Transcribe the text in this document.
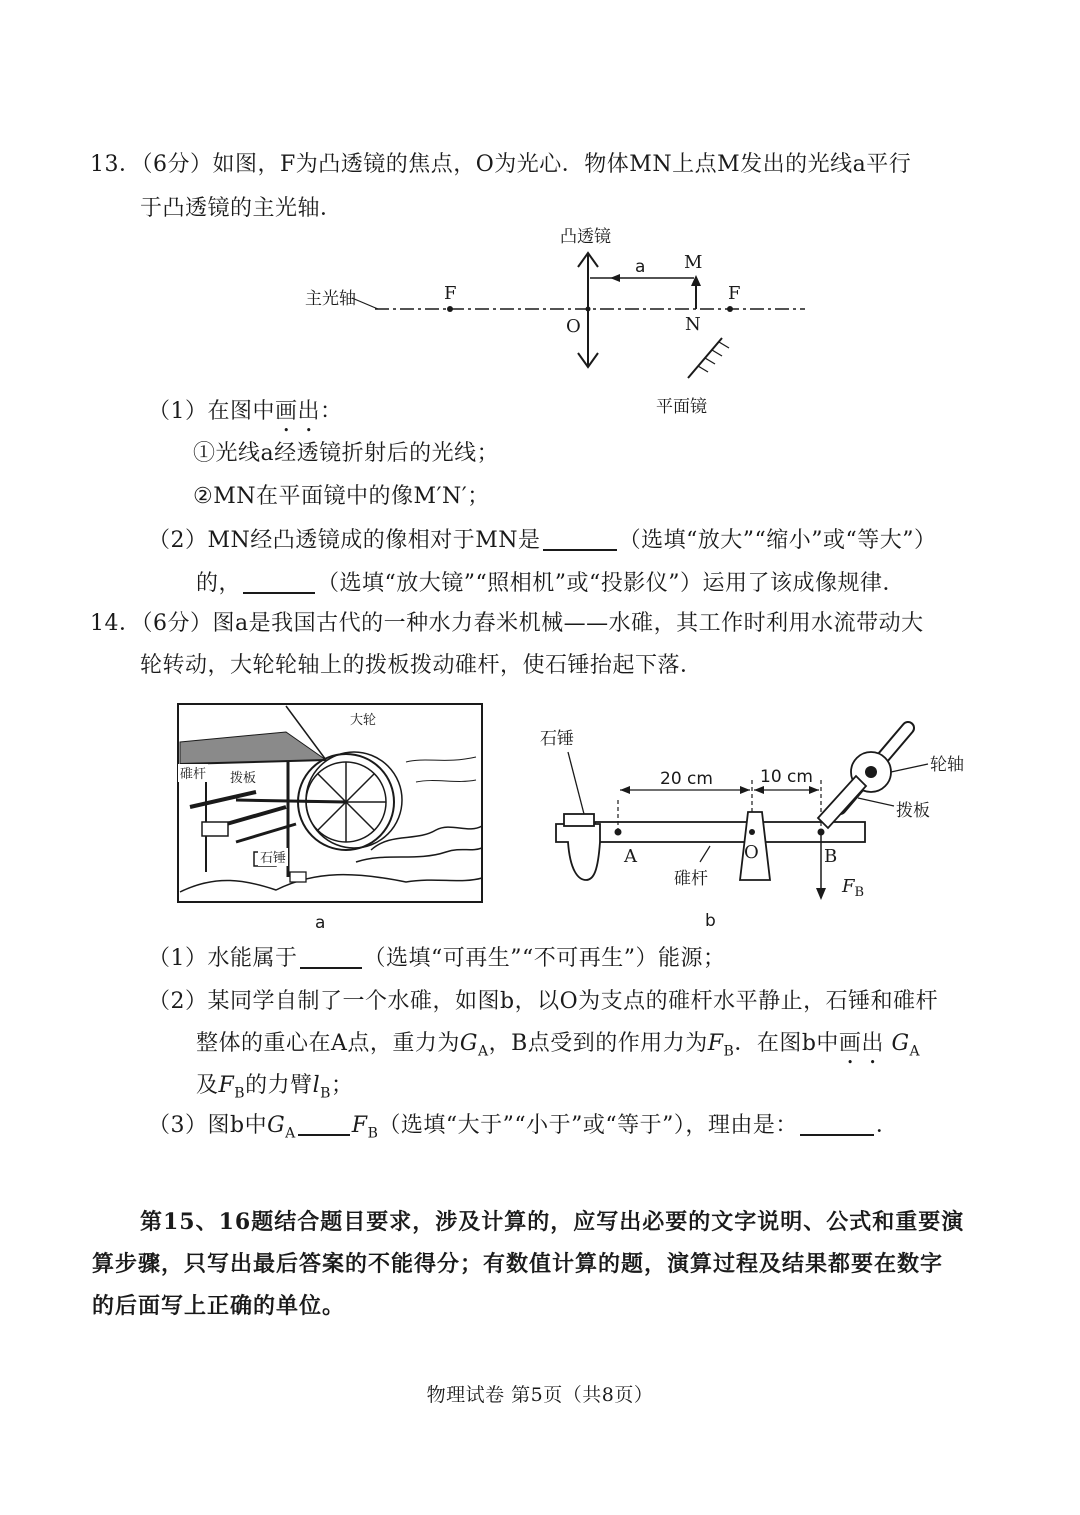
13．（6分）如图，F为凸透镜的焦点，O为光心．物体MN上点M发出的光线a平行
于凸透镜的主光轴．
主光轴
凸透镜
F	F
O
M
N
a
平面镜
（1）在图中画出：
①光线a经透镜折射后的光线；
②MN在平面镜中的像M′N′；
（2）MN经凸透镜成的像相对于MN是	（选填“放大”“缩小”或“等大”）
的，	（选填“放大镜”“照相机”或“投影仪”）运用了该成像规律．
14．（6分）图a是我国古代的一种水力舂米机械——水碓，其工作时利用水流带动大
轮转动，大轮轮轴上的拨板拨动碓杆，使石锤抬起下落．
大轮
碓杆 拨板
石锤
a
石锤
20 cm	10 cm
O
A	B
$F_B$
碓杆
轮轴
拨板
b
（1）水能属于	（选填“可再生”“不可再生”）能源；
（2）某同学自制了一个水碓，如图b，以O为支点的碓杆水平静止，石锤和碓杆
整体的重心在A点，重力为$G_A$，B点受到的作用力为$F_B$．在图b中画出 $G_A$
及$F_B$的力臂$l_B$；
（3）图b中$G_A$	$F_B$（选填“大于”“小于”或“等于”），理由是：	．
第15、16题结合题目要求，涉及计算的，应写出必要的文字说明、公式和重要演
算步骤，只写出最后答案的不能得分；有数值计算的题，演算过程及结果都要在数字
的后面写上正确的单位。
物理试卷 第5页（共8页）
